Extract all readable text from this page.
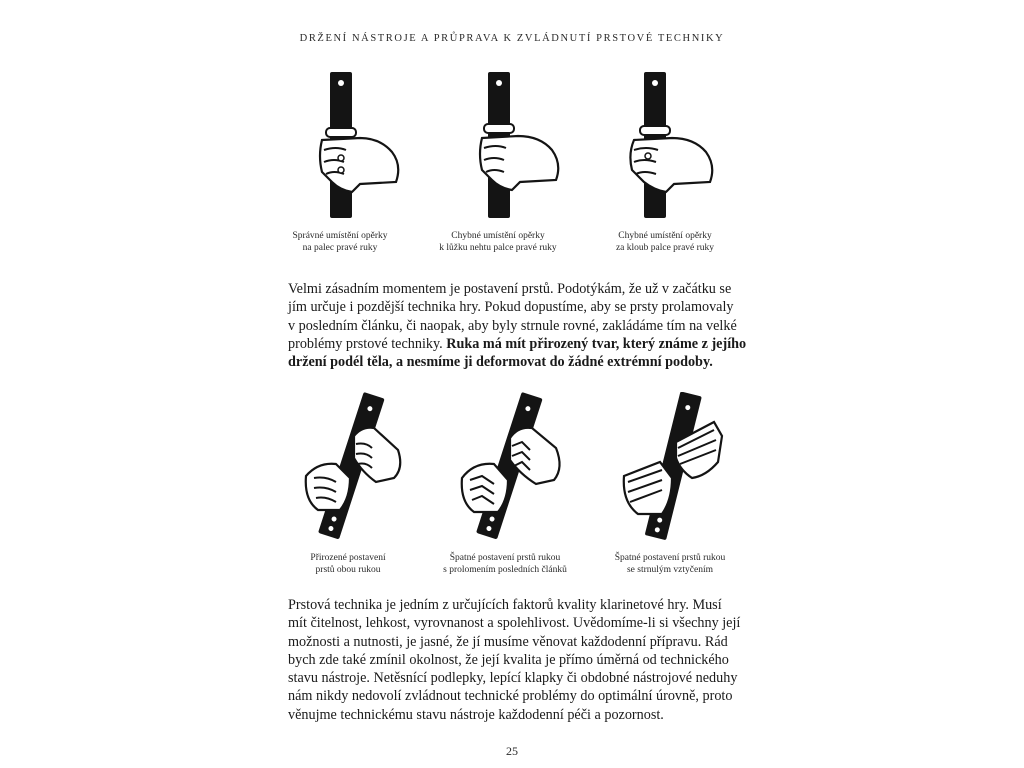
DRŽENÍ NÁSTROJE A PRŮPRAVA K ZVLÁDNUTÍ PRSTOVÉ TECHNIKY
Správné umístění opěrky
na palec pravé ruky
Chybné umístění opěrky
k lůžku nehtu palce pravé ruky
Chybné umístění opěrky
za kloub palce pravé ruky
Velmi zásadním momentem je postavení prstů. Podotýkám, že už v začátku se
jím určuje i pozdější technika hry. Pokud dopustíme, aby se prsty prolamovaly
v posledním článku, či naopak, aby byly strnule rovné, zakládáme tím na velké
problémy prstové techniky. Ruka má mít přirozený tvar, který známe z jejího
držení podél těla, a nesmíme ji deformovat do žádné extrémní podoby.
Přirozené postavení
prstů obou rukou
Špatné postavení prstů rukou
s prolomením posledních článků
Špatné postavení prstů rukou
se strnulým vztyčením
Prstová technika je jedním z určujících faktorů kvality klarinetové hry. Musí
mít čitelnost, lehkost, vyrovnanost a spolehlivost. Uvědomíme-li si všechny její
možnosti a nutnosti, je jasné, že jí musíme věnovat každodenní přípravu. Rád
bych zde také zmínil okolnost, že její kvalita je přímo úměrná od technického
stavu nástroje. Netěsnící podlepky, lepící klapky či obdobné nástrojové neduhy
nám nikdy nedovolí zvládnout technické problémy do optimální úrovně, proto
věnujme technickému stavu nástroje každodenní péči a pozornost.
25
